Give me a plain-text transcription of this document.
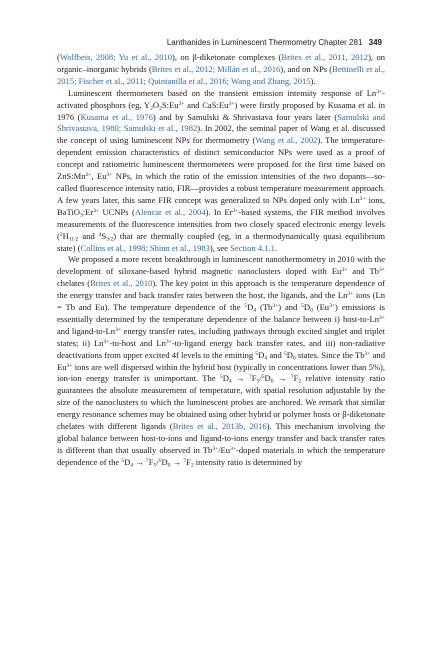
Lanthanides in Luminescent Thermometry Chapter 281 349

(Wolfbeis, 2008; Yu et al., 2010), on β-diketonate complexes (Brites et al., 2011, 2012), on organic–inorganic hybrids (Brites et al., 2012; Millán et al., 2016), and on NPs (Bettinelli et al., 2015; Fischer et al., 2011; Quintanilla et al., 2016; Wang and Zhang, 2015).

Luminescent thermometers based on the transient emission intensity response of $Ln^{3+}$-activated phosphors (eg, $Y_2O_2S:Eu^{3+}$ and $CaS:Eu^{3+}$) were firstly proposed by Kusama et al. in 1976 (Kusama et al., 1976) and by Samulski & Shrivastava four years later (Samulski and Shrivastava, 1980; Samulski et al., 1982). In 2002, the seminal paper of Wang et al. discussed the concept of using luminescent NPs for thermometry (Wang et al., 2002). The temperature-dependent emission characteristics of distinct semiconductor NPs were used as a proof of concept and ratiometric luminescent thermometers were proposed for the first time based on $ZnS:Mn^{2+}$, $Eu^{3+}$ NPs, in which the ratio of the emission intensities of the two dopants—so-called fluorescence intensity ratio, FIR—provides a robust temperature measurement approach. A few years later, this same FIR concept was generalized to NPs doped only with $Ln^{3+}$ ions, $BaTiO_3:Er^{3+}$ UCNPs (Alencar et al., 2004). In $Er^{3+}$-based systems, the FIR method involves measurements of the fluorescence intensities from two closely spaced electronic energy levels ($^2H_{11/2}$ and $^4S_{3/2}$) that are thermally coupled (eg, in a thermodynamically quasi equilibrium state) (Collins et al., 1998; Shinn et al., 1983), see Section 4.1.1.

We proposed a more recent breakthrough in luminescent nanothermometry in 2010 with the development of siloxane-based hybrid magnetic nanoclusters doped with $Eu^{3+}$ and $Tb^{3+}$ chelates (Brites et al., 2010). The key point in this approach is the temperature dependence of the energy transfer and back transfer rates between the host, the ligands, and the $Ln^{3+}$ ions (Ln = Tb and Eu). The temperature dependence of the $^5D_4$ $(Tb^{3+})$ and $^5D_0$ $(Eu^{3+})$ emissions is essentially determined by the temperature dependence of the balance between i) host-$to-Ln^{3+}$ and ligand-$to-Ln^{3+}$ energy transfer rates, including pathways through excited singlet and triplet states; ii) $Ln^{3+}-to$-host and $Ln^{3+}-to$-ligand energy back transfer rates, and iii) non-radiative deactivations from upper excited 4f levels to the emitting $^5D_4$ and $^5D_0$ states. Since the $Tb^{3+}$ and $Eu^{3+}$ ions are well dispersed within the hybrid host (typically in concentrations lower than 5%), ion-ion energy transfer is unimportant. The $^5D_4 \to ^7F_5/^5D_0 \to ^7F_2$ relative intensity ratio guarantees the absolute measurement of temperature, with spatial resolution adjustable by the size of the nanoclusters to which the luminescent probes are anchored. We remark that similar energy resonance schemes may be obtained using other hybrid or polymer hosts or β-diketonate chelates with different ligands (Brites et al., 2013b, 2016). This mechanism involving the global balance between host-to-ions and ligand-to-ions energy transfer and back transfer rates is different than that usually observed in $Tb^{3+}/Eu^{3+}$-doped materials in which the temperature dependence of the $^5D_4 \to ^7F_5/^5D_0 \to ^7F_2$ intensity ratio is determined by
